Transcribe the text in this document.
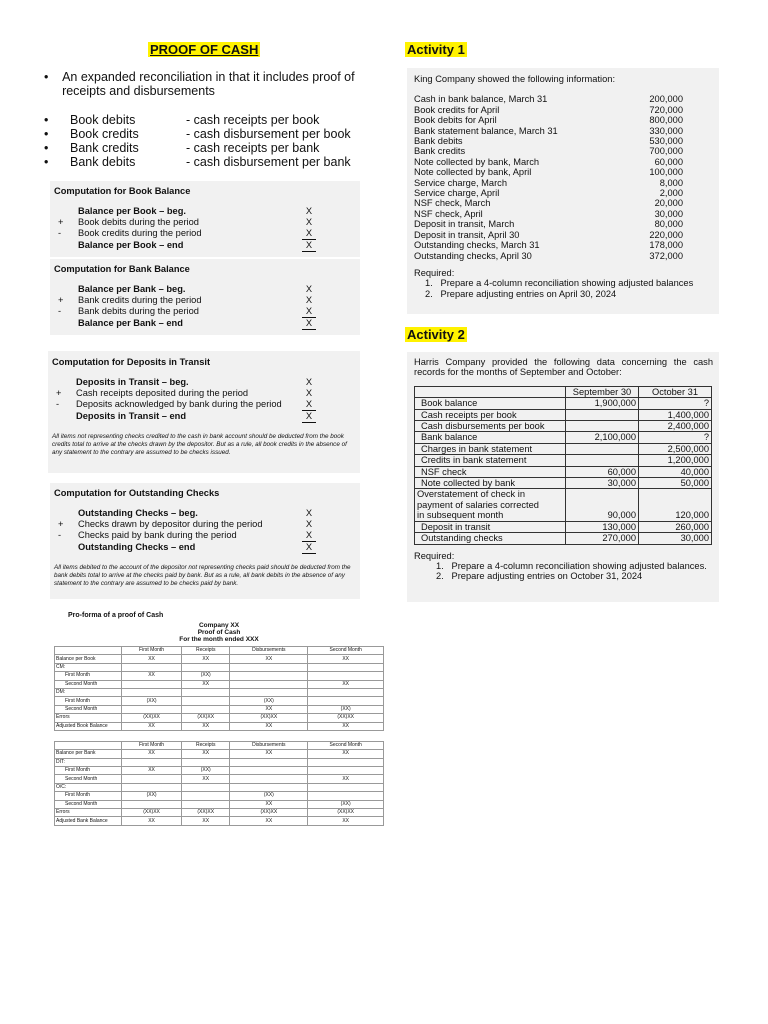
PROOF OF CASH
•	An expanded reconciliation in that it includes proof of receipts and disbursements
•	Book debits	- cash receipts per book
•	Book credits	- cash disbursement per book
•	Bank credits	- cash receipts per bank
•	Bank debits	- cash disbursement per bank
Computation for Book Balance
Balance per Book – beg.	X
+	Book debits during the period	X
-	Book credits during the period	X
Balance per Book – end	X
Computation for Bank Balance
Balance per Bank – beg.	X
+	Bank credits during the period	X
-	Bank debits during the period	X
Balance per Bank – end	X
Computation for Deposits in Transit
Deposits in Transit – beg.	X
+	Cash receipts deposited during the period	X
-	Deposits acknowledged by bank during the period	X
Deposits in Transit – end	X
All items not representing checks credited to the cash in bank account should be deducted from the book credits total to arrive at the checks drawn by the depositor. But as a rule, all book credits in the absence of any statement to the contrary are assumed to be checks issued.
Computation for Outstanding Checks
Outstanding Checks – beg.	X
+	Checks drawn by depositor during the period	X
-	Checks paid by bank during the period	X
Outstanding Checks – end	X
All items debited to the account of the depositor not representing checks paid should be deducted from the bank debits total to arrive at the checks paid by bank. But as a rule, all bank debits in the absence of any statement to the contrary are assumed to be checks paid by bank.
Pro-forma of a proof of Cash
Company XX
Proof of Cash
For the month ended XXX
	First Month	Receipts	Disbursements	Second Month
Balance per Book	XX	XX	XX	XX
CM:				
First Month	XX	(XX)		
Second Month		XX		XX
DM:				
First Month	(XX)		(XX)	
Second Month			XX	(XX)
Errors	(XX)XX	(XX)XX	(XX)XX	(XX)XX
Adjusted Book Balance	XX	XX	XX	XX
	First Month	Receipts	Disbursements	Second Month
Balance per Bank	XX	XX	XX	XX
DIT:				
First Month	XX	(XX)		
Second Month		XX		XX
O/C:				
First Month	(XX)		(XX)	
Second Month			XX	(XX)
Errors	(XX)XX	(XX)XX	(XX)XX	(XX)XX
Adjusted Bank Balance	XX	XX	XX	XX
Activity 1
King Company showed the following information:
Cash in bank balance, March 31	200,000
Book credits for April	720,000
Book debits for April	800,000
Bank statement balance, March 31	330,000
Bank debits	530,000
Bank credits	700,000
Note collected by bank, March	60,000
Note collected by bank, April	100,000
Service charge, March	8,000
Service charge, April	2,000
NSF check, March	20,000
NSF check, April	30,000
Deposit in transit, March	80,000
Deposit in transit, April 30	220,000
Outstanding checks, March 31	178,000
Outstanding checks, April 30	372,000
Required:
1.   Prepare a 4-column reconciliation showing adjusted balances
2.   Prepare adjusting entries on April 30, 2024
Activity 2
Harris Company provided the following data concerning the cash records for the months of September and October:
	September 30	October 31
Book balance	1,900,000	?
Cash receipts per book		1,400,000
Cash disbursements per book		2,400,000
Bank balance	2,100,000	?
Charges in bank statement		2,500,000
Credits in bank statement		1,200,000
NSF check	60,000	40,000
Note collected by bank	30,000	50,000
Overstatement of check in payment of salaries corrected in subsequent month	90,000	120,000
Deposit in transit	130,000	260,000
Outstanding checks	270,000	30,000
Required:
1.   Prepare a 4-column reconciliation showing adjusted balances.
2.   Prepare adjusting entries on October 31, 2024
